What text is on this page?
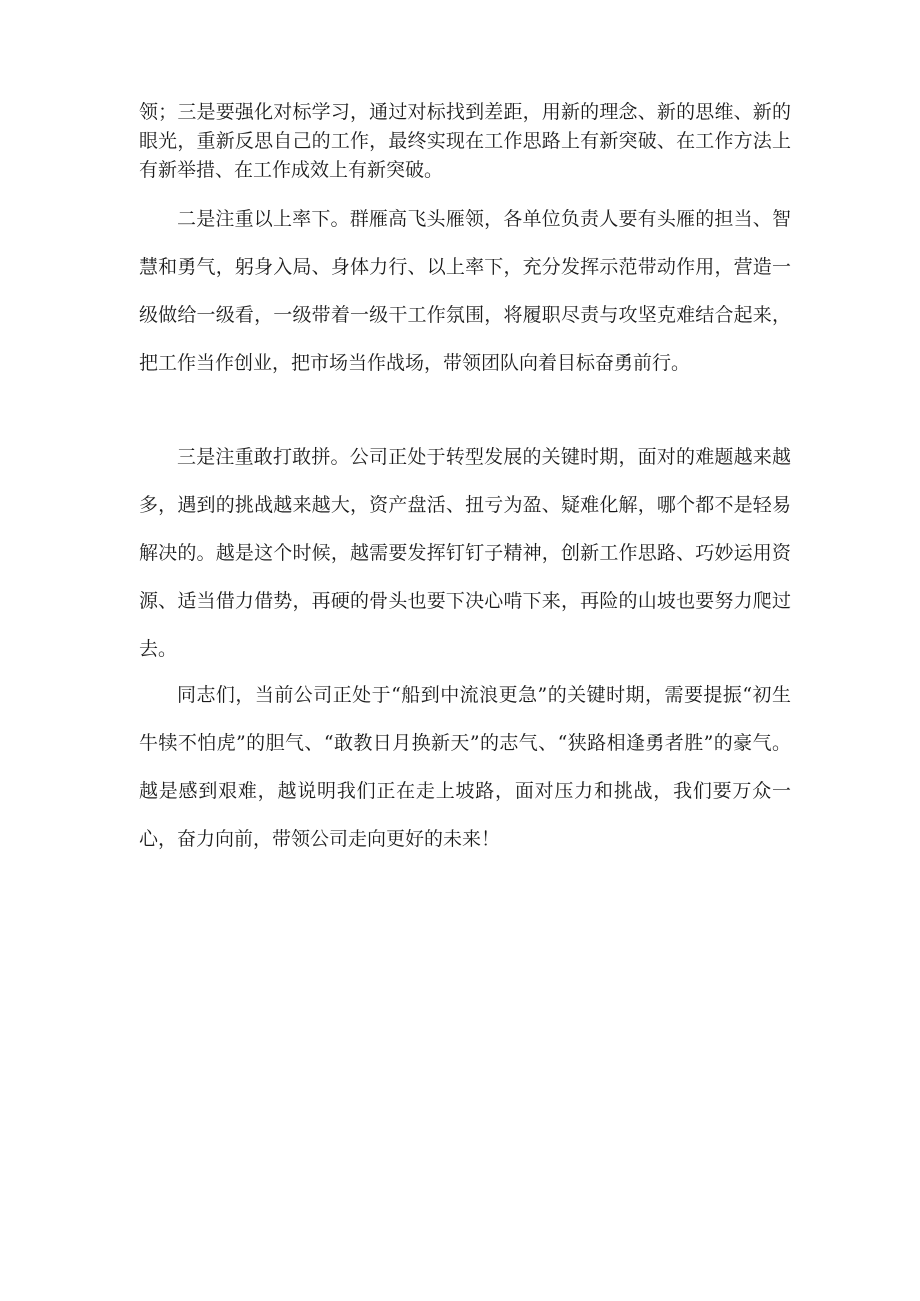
领；三是要强化对标学习，通过对标找到差距，用新的理念、新的思维、新的眼光，重新反思自己的工作，最终实现在工作思路上有新突破、在工作方法上有新举措、在工作成效上有新突破。

二是注重以上率下。群雁高飞头雁领，各单位负责人要有头雁的担当、智慧和勇气，躬身入局、身体力行、以上率下，充分发挥示范带动作用，营造一级做给一级看，一级带着一级干工作氛围，将履职尽责与攻坚克难结合起来，把工作当作创业，把市场当作战场，带领团队向着目标奋勇前行。

三是注重敢打敢拼。公司正处于转型发展的关键时期，面对的难题越来越多，遇到的挑战越来越大，资产盘活、扭亏为盈、疑难化解，哪个都不是轻易解决的。越是这个时候，越需要发挥钉钉子精神，创新工作思路、巧妙运用资源、适当借力借势，再硬的骨头也要下决心啃下来，再险的山坡也要努力爬过去。

同志们，当前公司正处于“船到中流浪更急”的关键时期，需要提振“初生牛犊不怕虎”的胆气、“敢教日月换新天”的志气、“狭路相逢勇者胜”的豪气。越是感到艰难，越说明我们正在走上坡路，面对压力和挑战，我们要万众一心，奋力向前，带领公司走向更好的未来！
